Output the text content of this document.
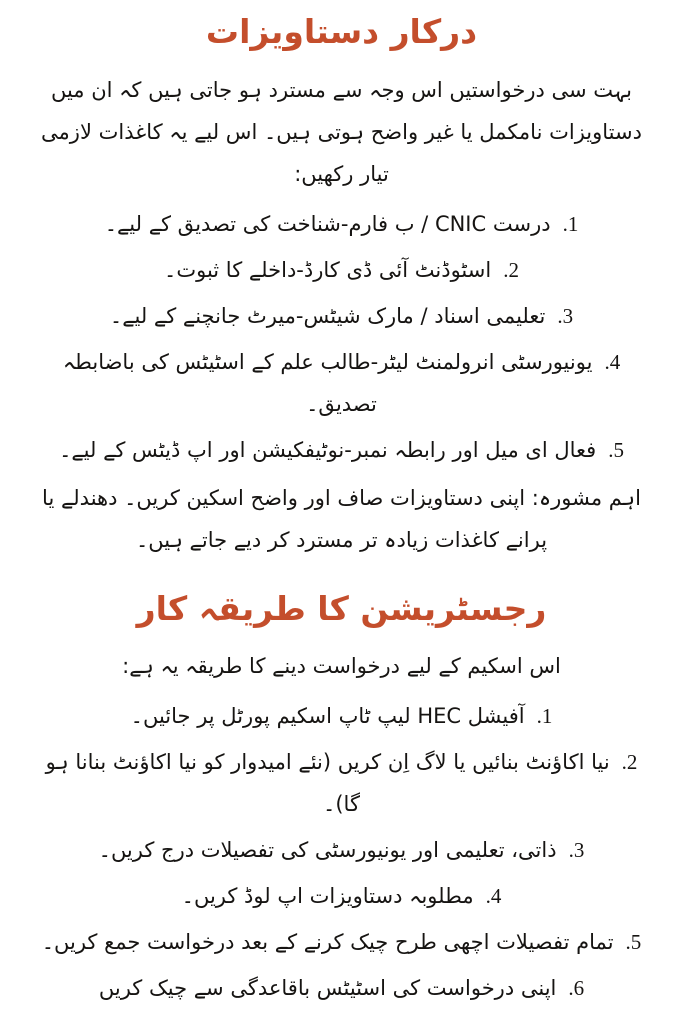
درکار دستاویزات

بہت سی درخواستیں اس وجہ سے مسترد ہو جاتی ہیں کہ ان میں دستاویزات نامکمل یا غیر واضح ہوتی ہیں۔ اس لیے یہ کاغذات لازمی تیار رکھیں:

1.درست CNIC / ب فارم-شناخت کی تصدیق کے لیے۔
2.اسٹوڈنٹ آئی ڈی کارڈ-داخلے کا ثبوت۔
3.تعلیمی اسناد / مارک شیٹس-میرٹ جانچنے کے لیے۔
4.یونیورسٹی انرولمنٹ لیٹر-طالب علم کے اسٹیٹس کی باضابطہ تصدیق۔
5.فعال ای میل اور رابطہ نمبر-نوٹیفکیشن اور اپ ڈیٹس کے لیے۔

اہم مشورہ: اپنی دستاویزات صاف اور واضح اسکین کریں۔ دھندلے یا پرانے کاغذات زیادہ تر مسترد کر دیے جاتے ہیں۔

رجسٹریشن کا طریقہ کار

اس اسکیم کے لیے درخواست دینے کا طریقہ یہ ہے:

1.آفیشل HEC لیپ ٹاپ اسکیم پورٹل پر جائیں۔
2.نیا اکاؤنٹ بنائیں یا لاگ اِن کریں (نئے امیدوار کو نیا اکاؤنٹ بنانا ہو گا)۔
3.ذاتی، تعلیمی اور یونیورسٹی کی تفصیلات درج کریں۔
4.مطلوبہ دستاویزات اپ لوڈ کریں۔
5.تمام تفصیلات اچھی طرح چیک کرنے کے بعد درخواست جمع کریں۔
6.اپنی درخواست کی اسٹیٹس باقاعدگی سے چیک کریں
